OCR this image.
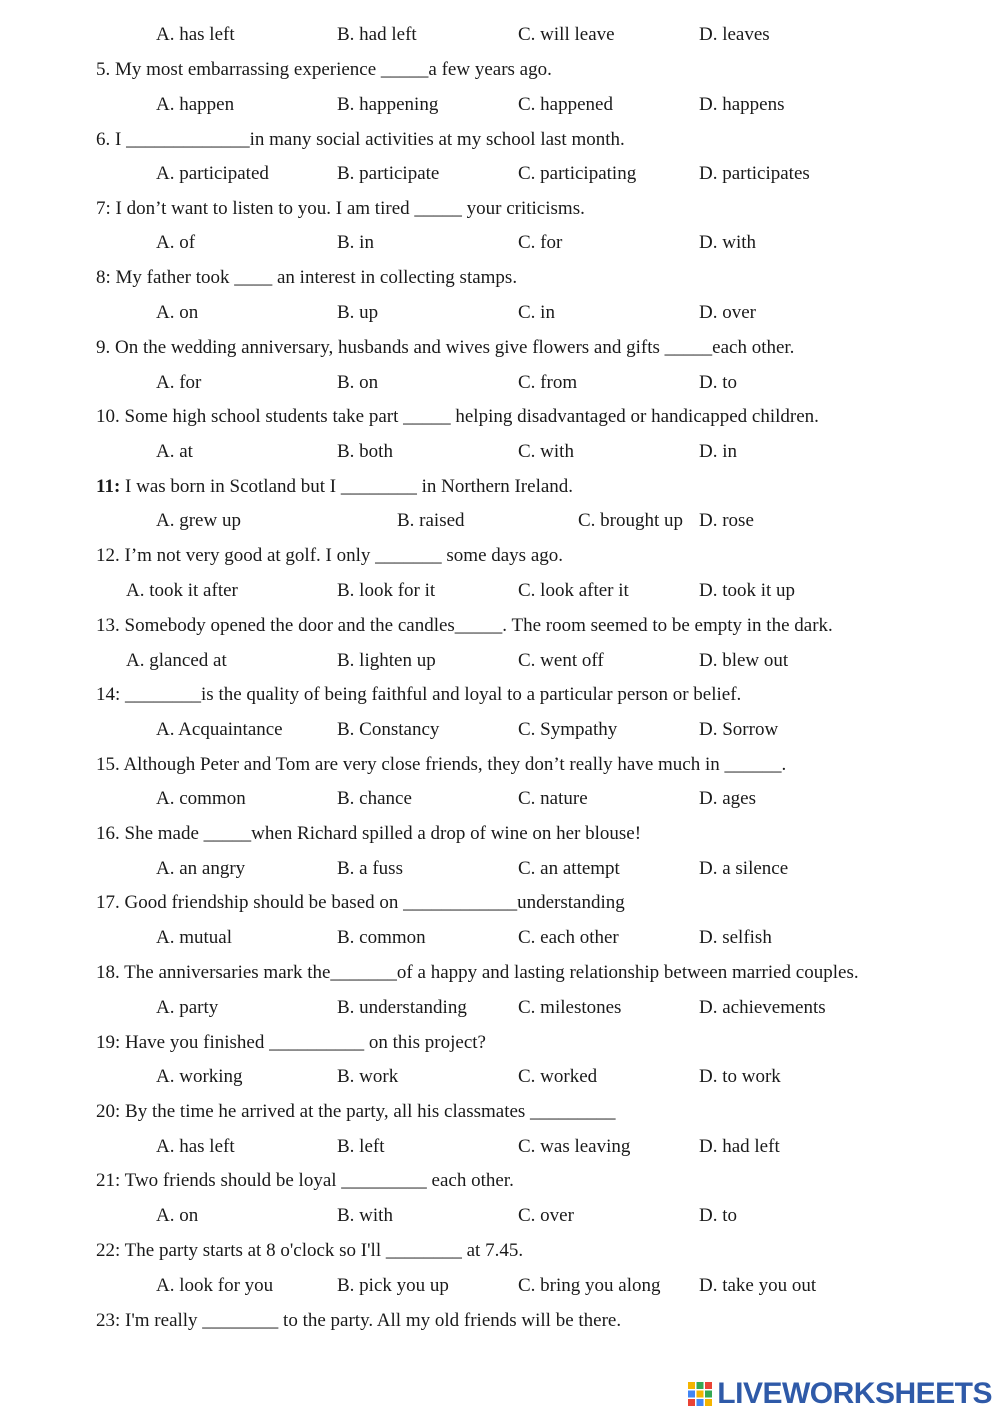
A. has left	B. had left	C. will leave	D. leaves
5. My most embarrassing experience _____a few years ago.
A. happen	B. happening	C. happened	D. happens
6. I _____________in many social activities at my school last month.
A. participated	B. participate	C. participating	D. participates
7: I don’t want to listen to you. I am tired _____ your criticisms.
A. of	B. in	C. for	D. with
8: My father took ____ an interest in collecting stamps.
A. on	B. up	C. in	D. over
9. On the wedding anniversary, husbands and wives give flowers and gifts _____each other.
A. for	B. on	C. from	D. to
10. Some high school students take part _____ helping disadvantaged or handicapped children.
A. at	B. both	C. with	D. in
11: I was born in Scotland but I ________ in Northern Ireland.
A. grew up	B. raised	C. brought up D. rose
12. I’m not very good at golf. I only _______ some days ago.
A. took it after	B. look for it	C. look after it	D. took it up
13. Somebody opened the door and the candles_____. The room seemed to be empty in the dark.
A. glanced at	B. lighten up	C. went off	D. blew out
14: ________is the quality of being faithful and loyal to a particular person or belief.
A. Acquaintance	B. Constancy	C. Sympathy	D. Sorrow
15. Although Peter and Tom are very close friends, they don’t really have much in ______.
A. common	B. chance	C. nature	D. ages
16. She made _____when Richard spilled a drop of wine on her blouse!
A. an angry	B. a fuss	C. an attempt	D. a silence
17. Good friendship should be based on ____________understanding
A. mutual	B. common	C. each other	D. selfish
18. The anniversaries mark the_______of a happy and lasting relationship between married couples.
A. party	B. understanding	C. milestones	D. achievements
19: Have you finished __________ on this project?
A. working	B. work	C. worked	D. to work
20: By the time he arrived at the party, all his classmates _________
A. has left	B. left	C. was leaving	D. had left
21: Two friends should be loyal _________ each other.
A. on	B. with	C. over	D. to
22: The party starts at 8 o'clock so I'll ________ at 7.45.
A. look for you	B. pick you up	C. bring you along D. take you out
23: I'm really ________ to the party. All my old friends will be there.
LIVEWORKSHEETS
